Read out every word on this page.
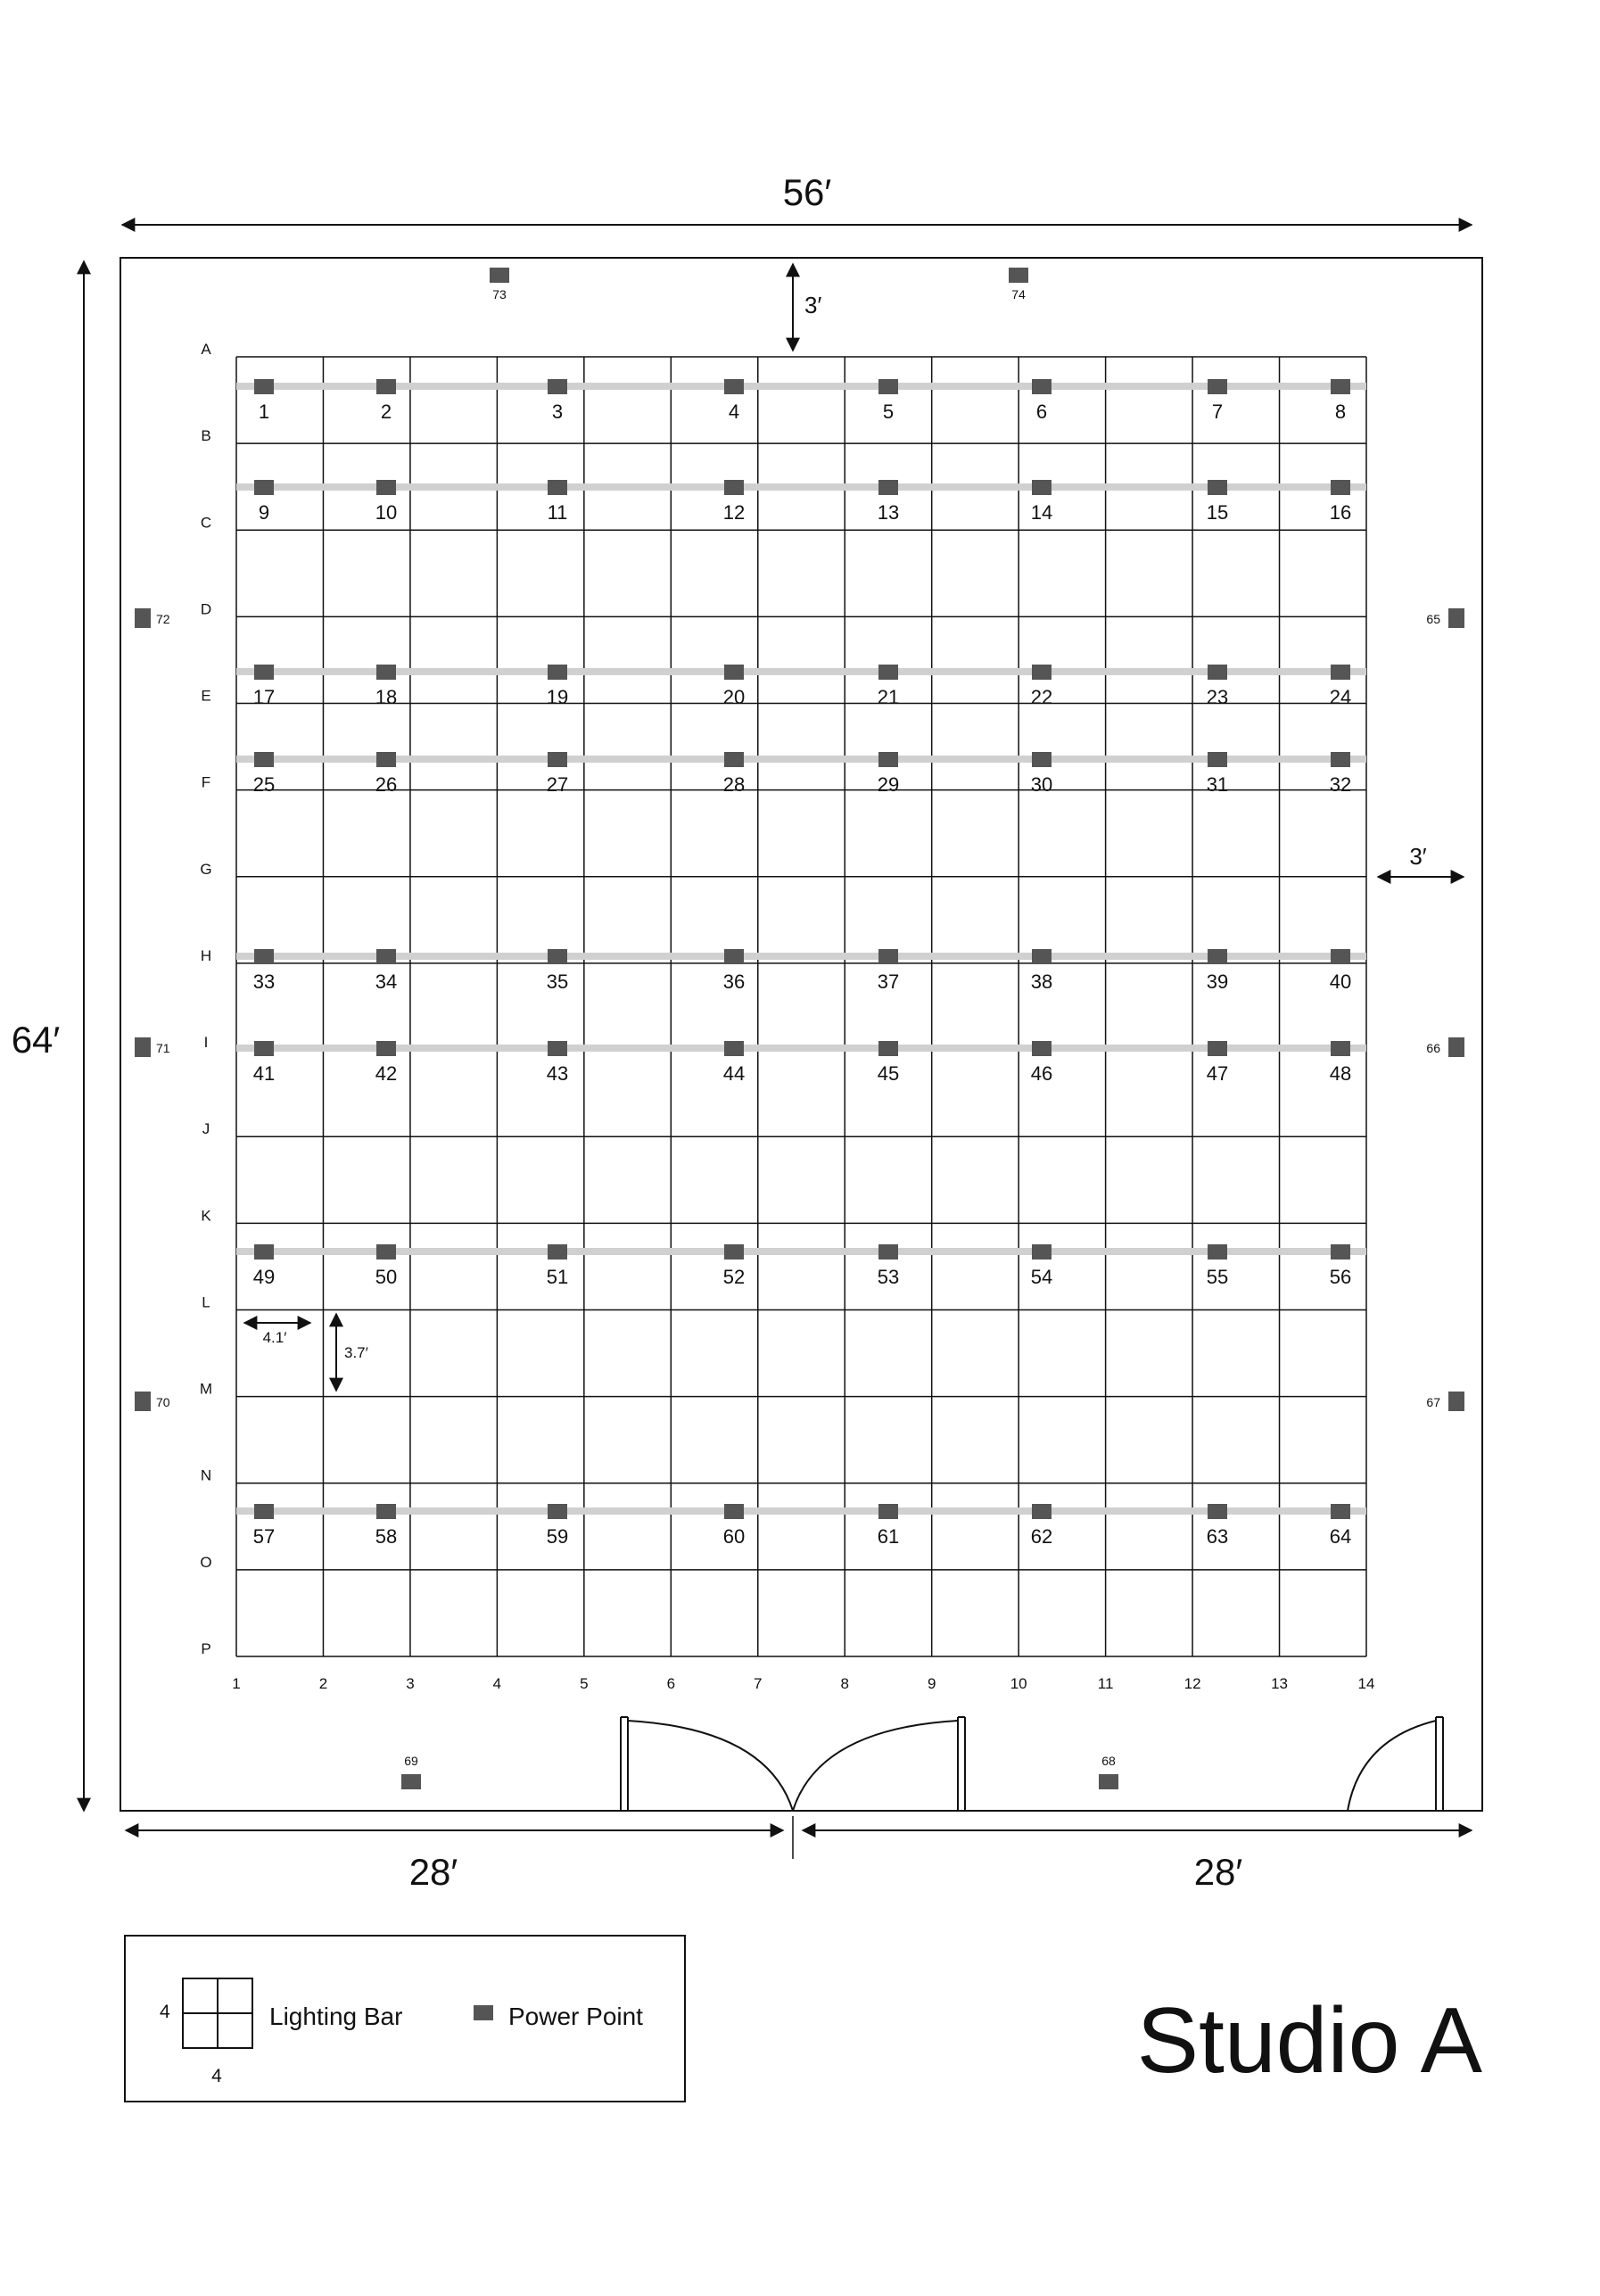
56′
64′
3′
3′
A
B
C
D
E
F
G
H
I
J
K
L
M
N
O
P
1	2	3	4	5	6	7	8	9	10	11	12	13	14
1	2	3	4	5	6	7	8
9	10	11	12	13	14	15	16
17	18	19	20	21	22	23	24
25	26	27	28	29	30	31	32
33	34	35	36	37	38	39	40
41	42	43	44	45	46	47	48
49	50	51	52	53	54	55	56
57	58	59	60	61	62	63	64
4.1′
3.7′
72
71
70
65
66
67
73	74
69	68
28′	28′
4
4
Lighting Bar	Power Point	Studio A
